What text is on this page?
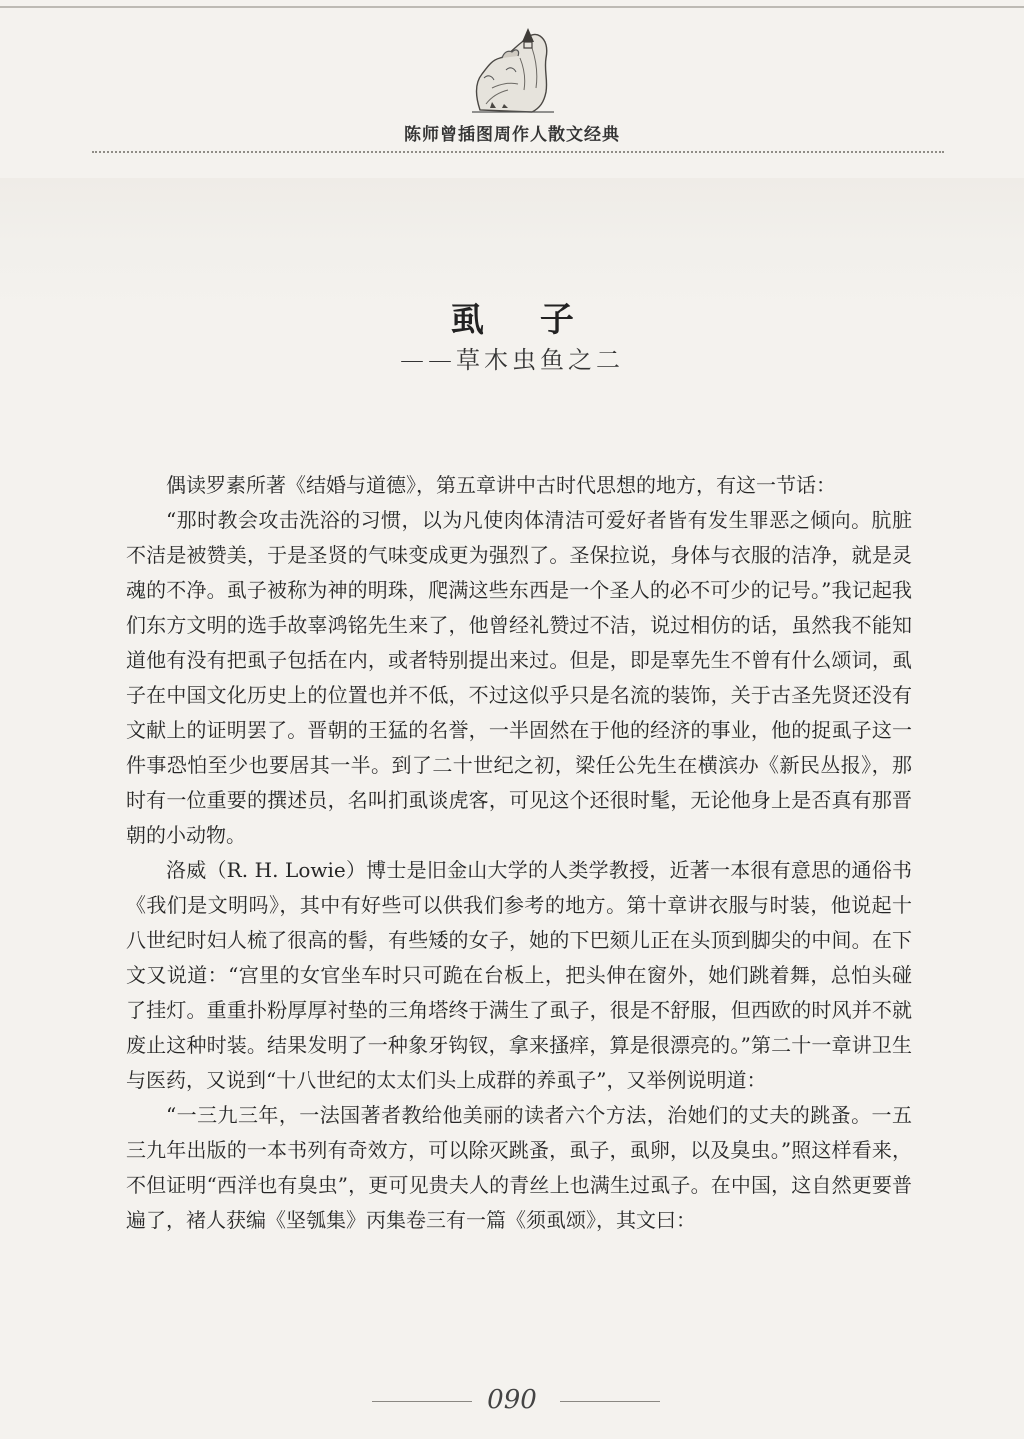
陈师曾插图周作人散文经典
虱 子
——草木虫鱼之二

偶读罗素所著《结婚与道德》，第五章讲中古时代思想的地方，有这一节话：

“那时教会攻击洗浴的习惯，以为凡使肉体清洁可爱好者皆有发生罪恶之倾向。肮脏不洁是被赞美，于是圣贤的气味变成更为强烈了。圣保拉说，身体与衣服的洁净，就是灵魂的不净。虱子被称为神的明珠，爬满这些东西是一个圣人的必不可少的记号。”我记起我们东方文明的选手故辜鸿铭先生来了，他曾经礼赞过不洁，说过相仿的话，虽然我不能知道他有没有把虱子包括在内，或者特别提出来过。但是，即是辜先生不曾有什么颂词，虱子在中国文化历史上的位置也并不低，不过这似乎只是名流的装饰，关于古圣先贤还没有文献上的证明罢了。晋朝的王猛的名誉，一半固然在于他的经济的事业，他的捉虱子这一件事恐怕至少也要居其一半。到了二十世纪之初，梁任公先生在横滨办《新民丛报》，那时有一位重要的撰述员，名叫扪虱谈虎客，可见这个还很时髦，无论他身上是否真有那晋朝的小动物。

洛威（R. H. Lowie）博士是旧金山大学的人类学教授，近著一本很有意思的通俗书《我们是文明吗》，其中有好些可以供我们参考的地方。第十章讲衣服与时装，他说起十八世纪时妇人梳了很高的髻，有些矮的女子，她的下巴颏儿正在头顶到脚尖的中间。在下文又说道：“宫里的女官坐车时只可跪在台板上，把头伸在窗外，她们跳着舞，总怕头碰了挂灯。重重扑粉厚厚衬垫的三角塔终于满生了虱子，很是不舒服，但西欧的时风并不就废止这种时装。结果发明了一种象牙钩钗，拿来搔痒，算是很漂亮的。”第二十一章讲卫生与医药，又说到“十八世纪的太太们头上成群的养虱子”，又举例说明道：

“一三九三年，一法国著者教给他美丽的读者六个方法，治她们的丈夫的跳蚤。一五三九年出版的一本书列有奇效方，可以除灭跳蚤，虱子，虱卵，以及臭虫。”照这样看来，不但证明“西洋也有臭虫”，更可见贵夫人的青丝上也满生过虱子。在中国，这自然更要普遍了，褚人获编《坚瓠集》丙集卷三有一篇《须虱颂》，其文曰：

090
